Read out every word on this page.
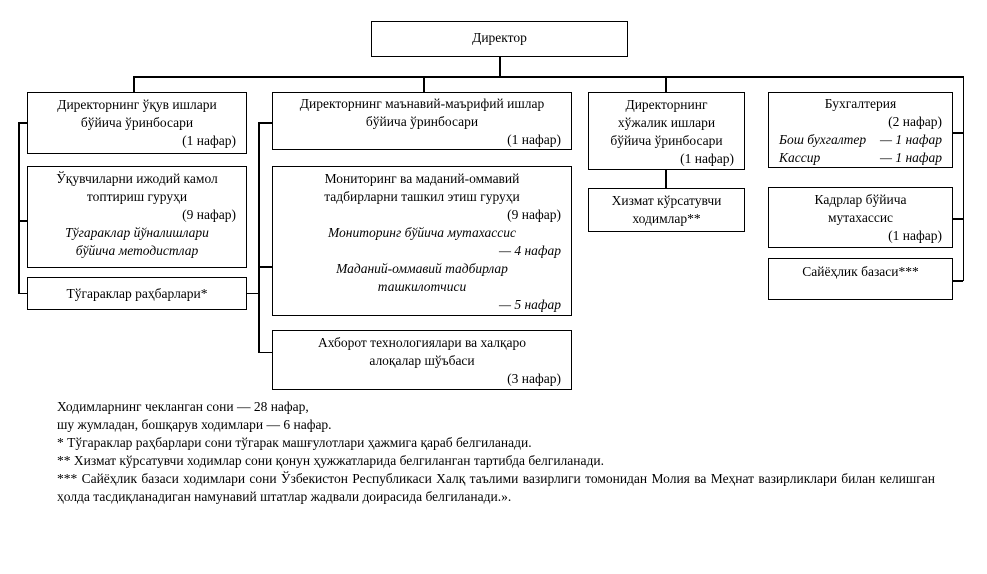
Директор
Директорнинг ўқув ишлари
бўйича ўринбосари
(1 нафар)
Ўқувчиларни ижодий камол
топтириш гуруҳи
(9 нафар)
Тўгараклар йўналишлари
бўйича методистлар
Тўгараклар раҳбарлари*
Директорнинг маънавий-маърифий ишлар
бўйича ўринбосари
(1 нафар)
Мониторинг ва маданий-оммавий
тадбирларни ташкил этиш гуруҳи
(9 нафар)
Мониторинг бўйича мутахассис
— 4 нафар
Маданий-оммавий тадбирлар
ташкилотчиси
— 5 нафар
Ахборот технологиялари ва халқаро
алоқалар шўъбаси
(3 нафар)
Директорнинг
хўжалик ишлари
бўйича ўринбосари
(1 нафар)
Хизмат кўрсатувчи
ходимлар**
Бухгалтерия
(2 нафар)
Бош бухгалтер — 1 нафар
Кассир	— 1 нафар
Кадрлар бўйича
мутахассис
(1 нафар)
Сайёҳлик базаси***
Ходимларнинг чекланган сони — 28 нафар,
шу жумладан, бошқарув ходимлари — 6 нафар.
* Тўгараклар раҳбарлари сони тўгарак машғулотлари ҳажмига қараб белгиланади.
** Хизмат кўрсатувчи ходимлар сони қонун ҳужжатларида белгиланган тартибда белгиланади.
*** Сайёҳлик базаси ходимлари сони Ўзбекистон Республикаси Халқ таълими вазирлиги томонидан Молия ва Меҳнат вазирликлари билан келишган ҳолда тасдиқланадиган намунавий штатлар жадвали доирасида белгиланади.».
